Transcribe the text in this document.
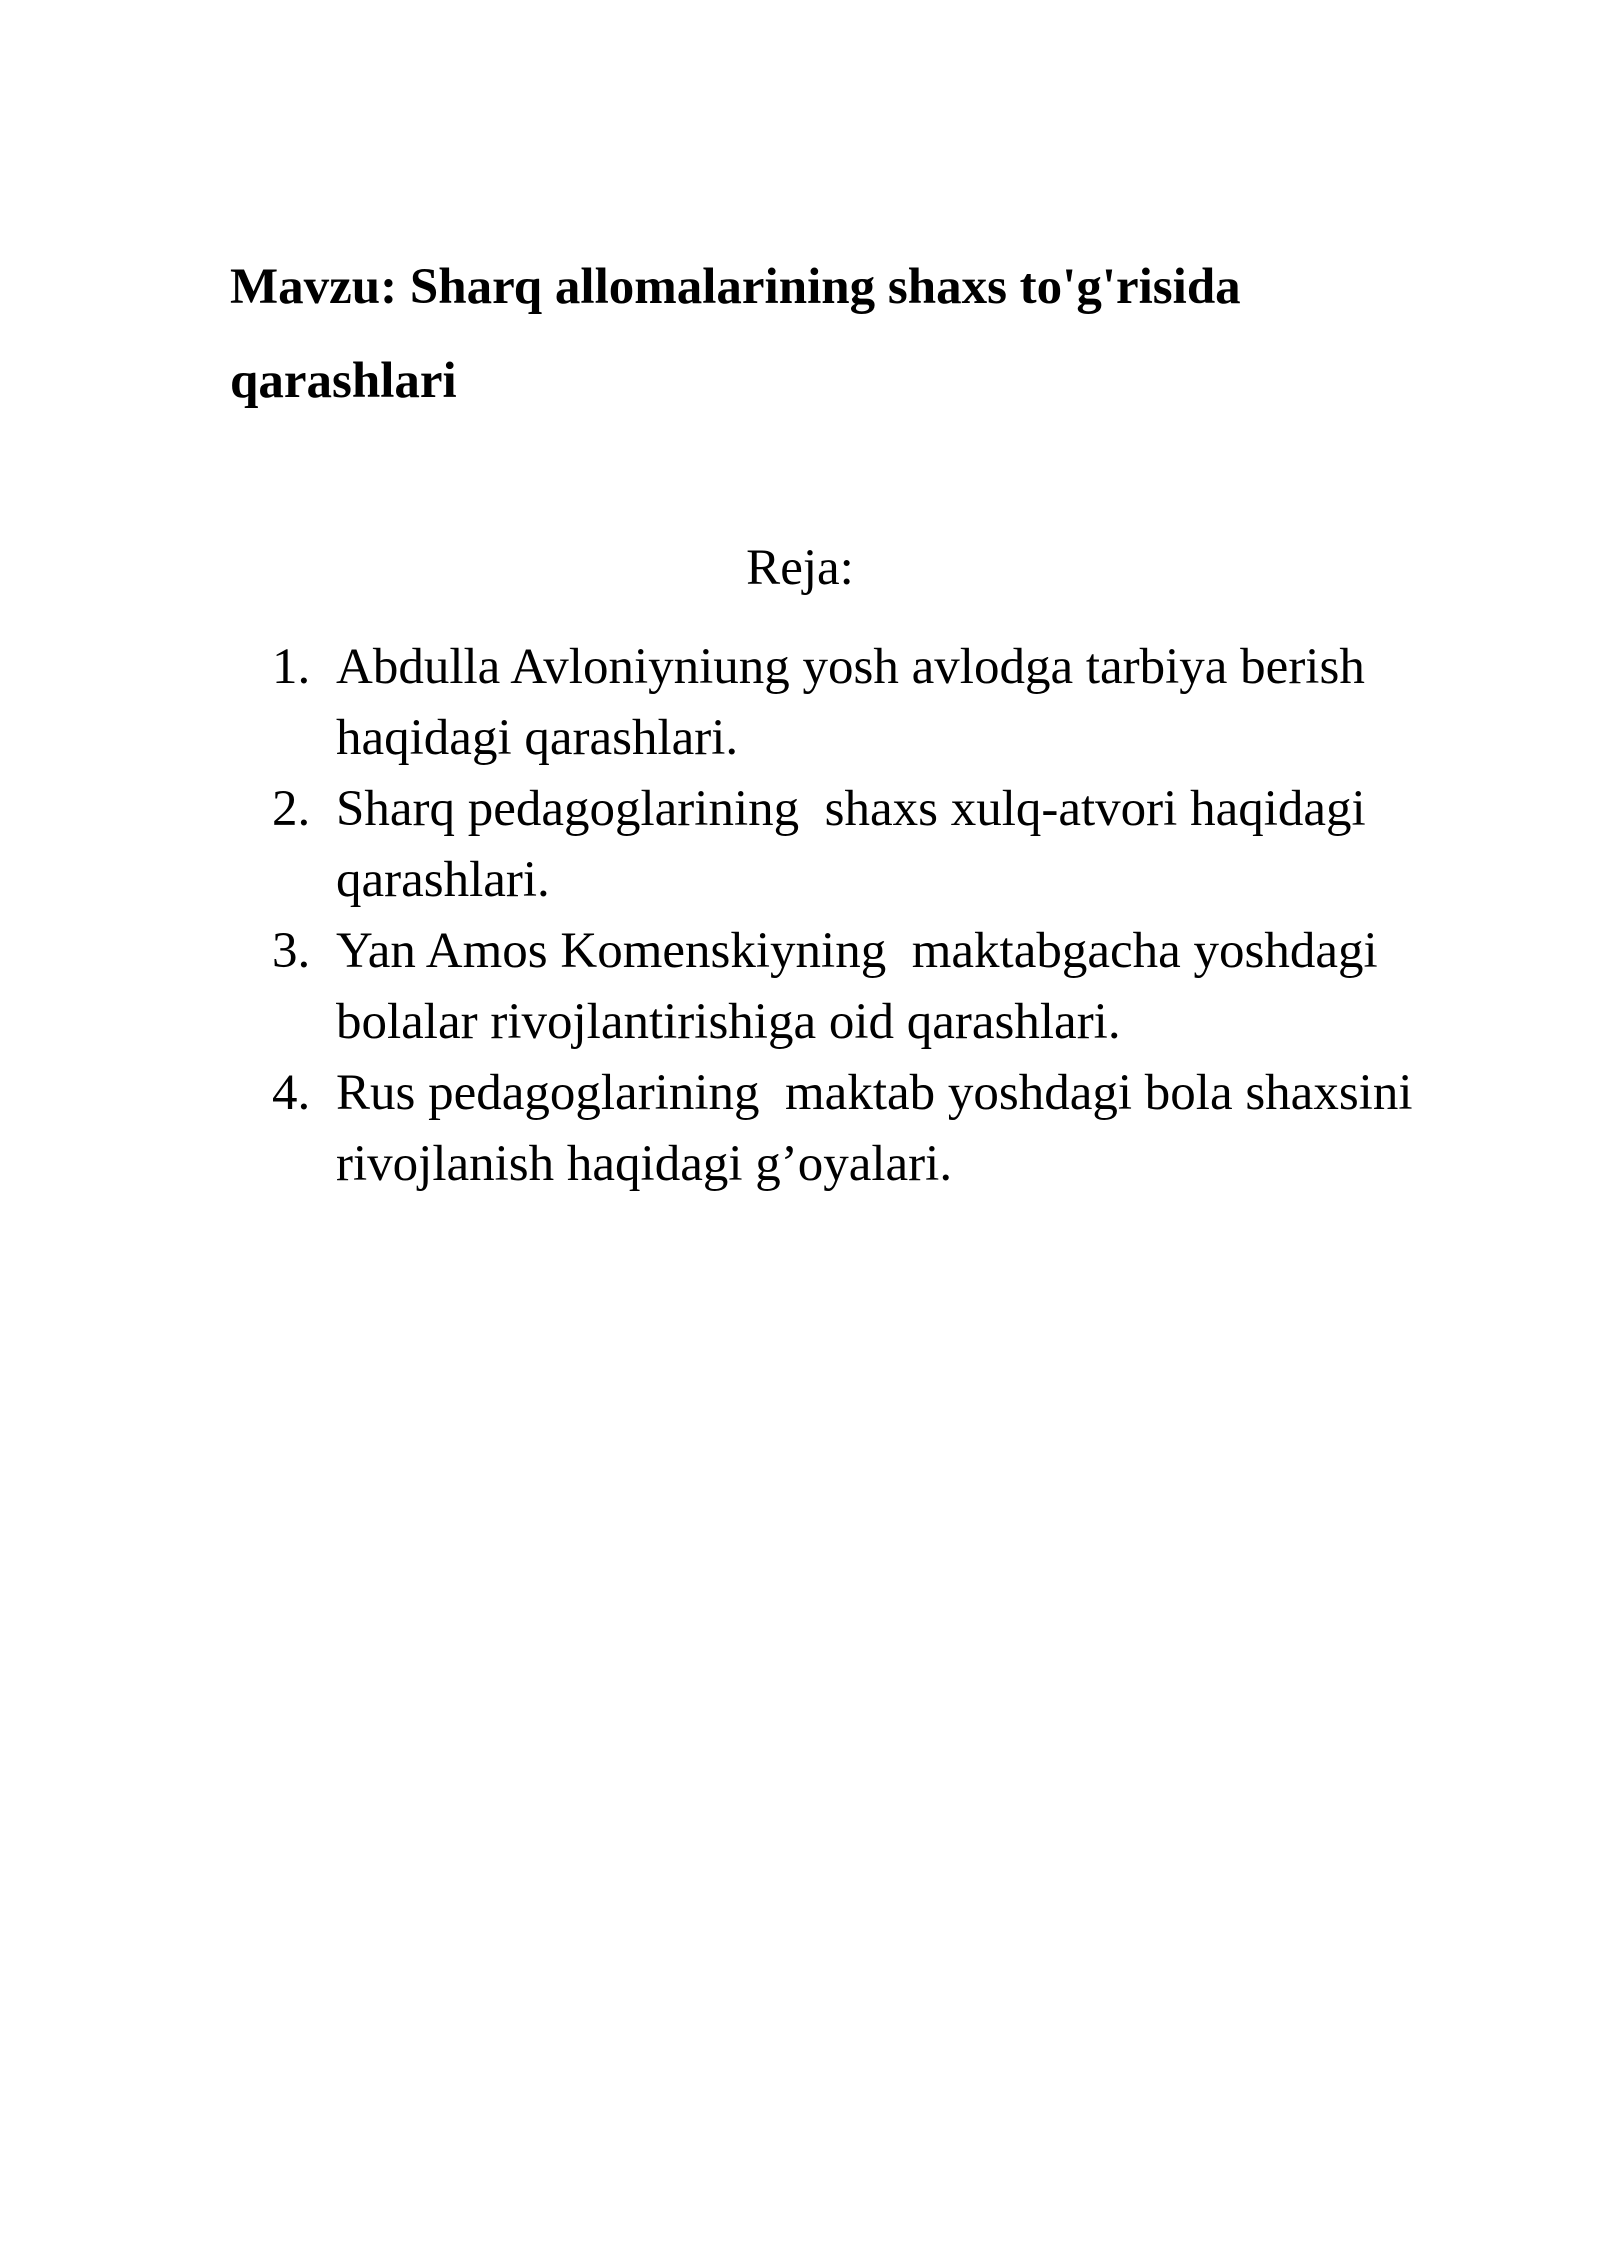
Mavzu: Sharq allomalarining shaxs to'g'risida
qarashlari
Reja:
1. Abdulla Avloniyniung yosh avlodga tarbiya berish
haqidagi qarashlari.
2. Sharq pedagoglarining  shaxs xulq-atvori haqidagi
qarashlari.
3. Yan Amos Komenskiyning  maktabgacha yoshdagi
bolalar rivojlantirishiga oid qarashlari.
4. Rus pedagoglarining  maktab yoshdagi bola shaxsini
rivojlanish haqidagi g’oyalari.
